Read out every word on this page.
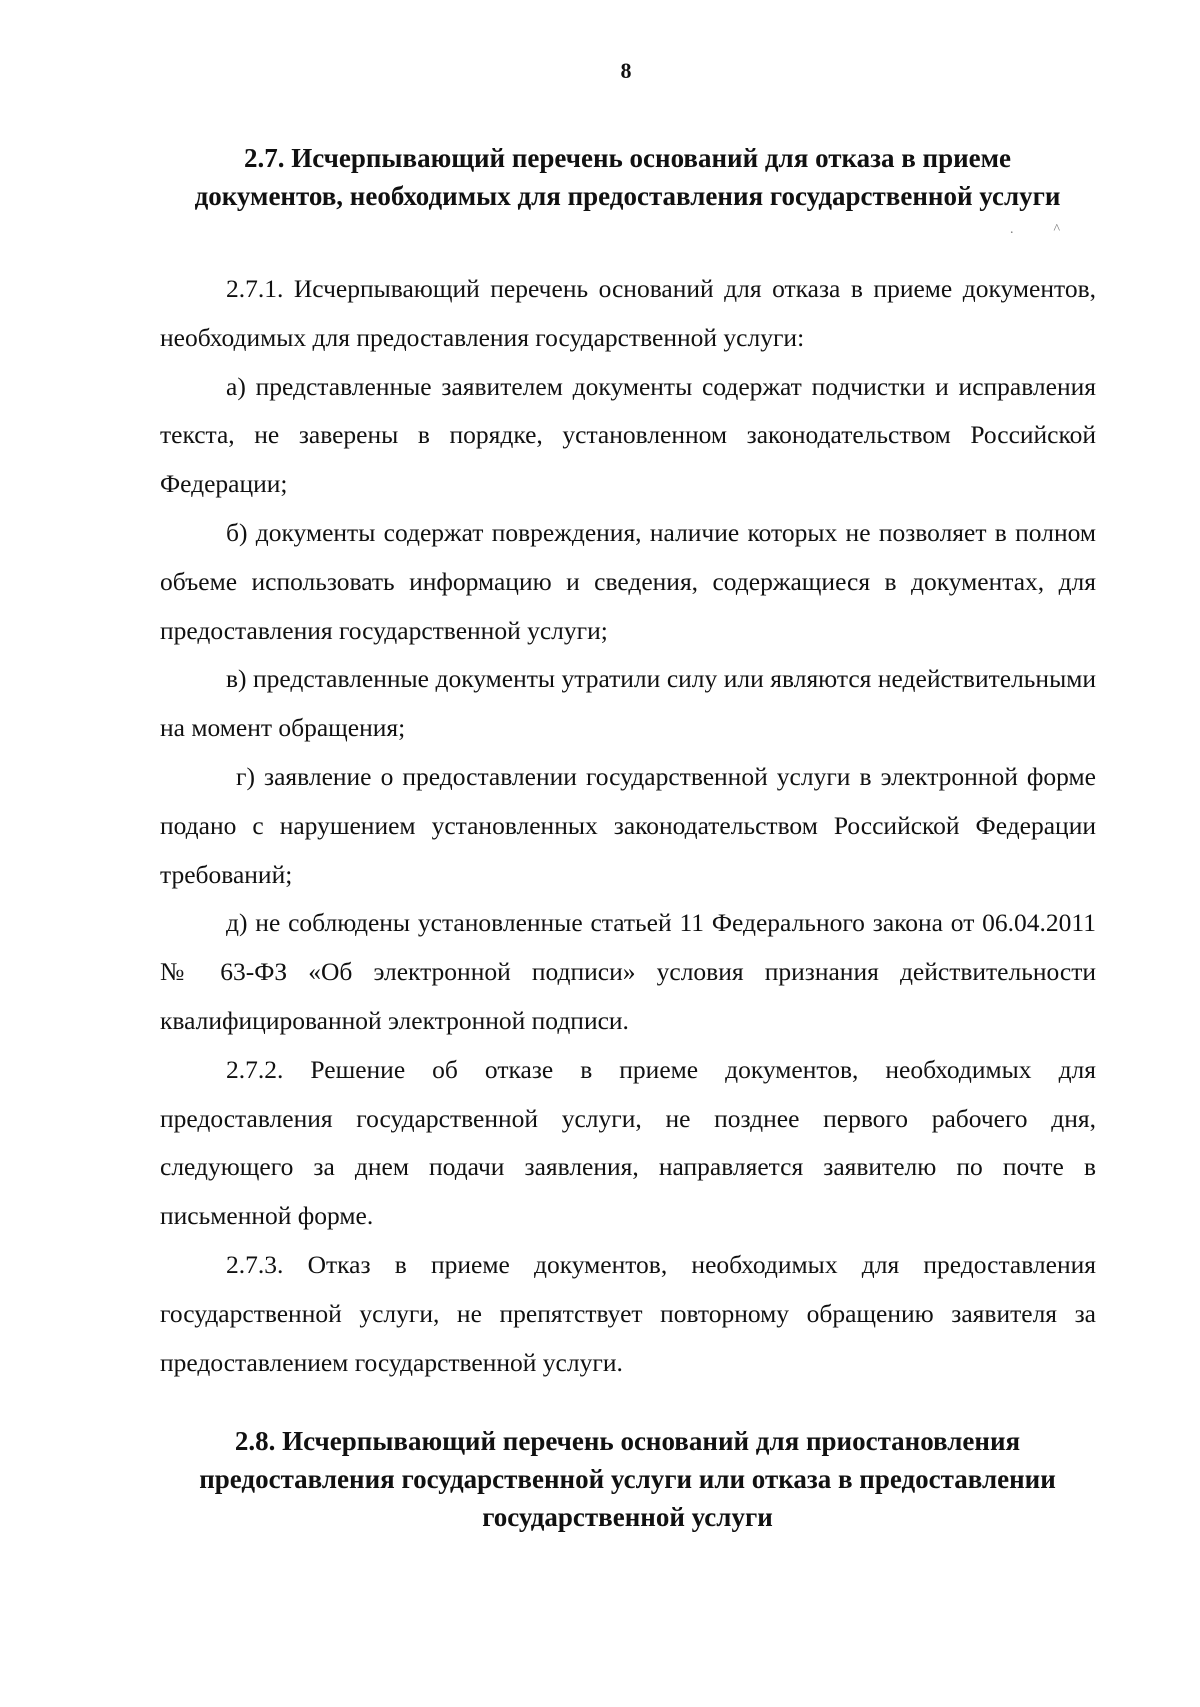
8
2.7. Исчерпывающий перечень оснований для отказа в приеме
документов, необходимых для предоставления государственной услуги
.^

2.7.1. Исчерпывающий перечень оснований для отказа в приеме документов, необходимых для предоставления государственной услуги:

а) представленные заявителем документы содержат подчистки и исправления текста, не заверены в порядке, установленном законодательством Российской Федерации;

б) документы содержат повреждения, наличие которых не позволяет в полном объеме использовать информацию и сведения, содержащиеся в документах, для предоставления государственной услуги;

в) представленные документы утратили силу или являются недействительными на момент обращения;

г) заявление о предоставлении государственной услуги в электронной форме подано с нарушением установленных законодательством Российской Федерации требований;

д) не соблюдены установленные статьей 11 Федерального закона от 06.04.2011 № 63-ФЗ «Об электронной подписи» условия признания действительности квалифицированной электронной подписи.

2.7.2. Решение об отказе в приеме документов, необходимых для предоставления государственной услуги, не позднее первого рабочего дня, следующего за днем подачи заявления, направляется заявителю по почте в письменной форме.

2.7.3. Отказ в приеме документов, необходимых для предоставления государственной услуги, не препятствует повторному обращению заявителя за предоставлением государственной услуги.

2.8. Исчерпывающий перечень оснований для приостановления
предоставления государственной услуги или отказа в предоставлении
государственной услуги
